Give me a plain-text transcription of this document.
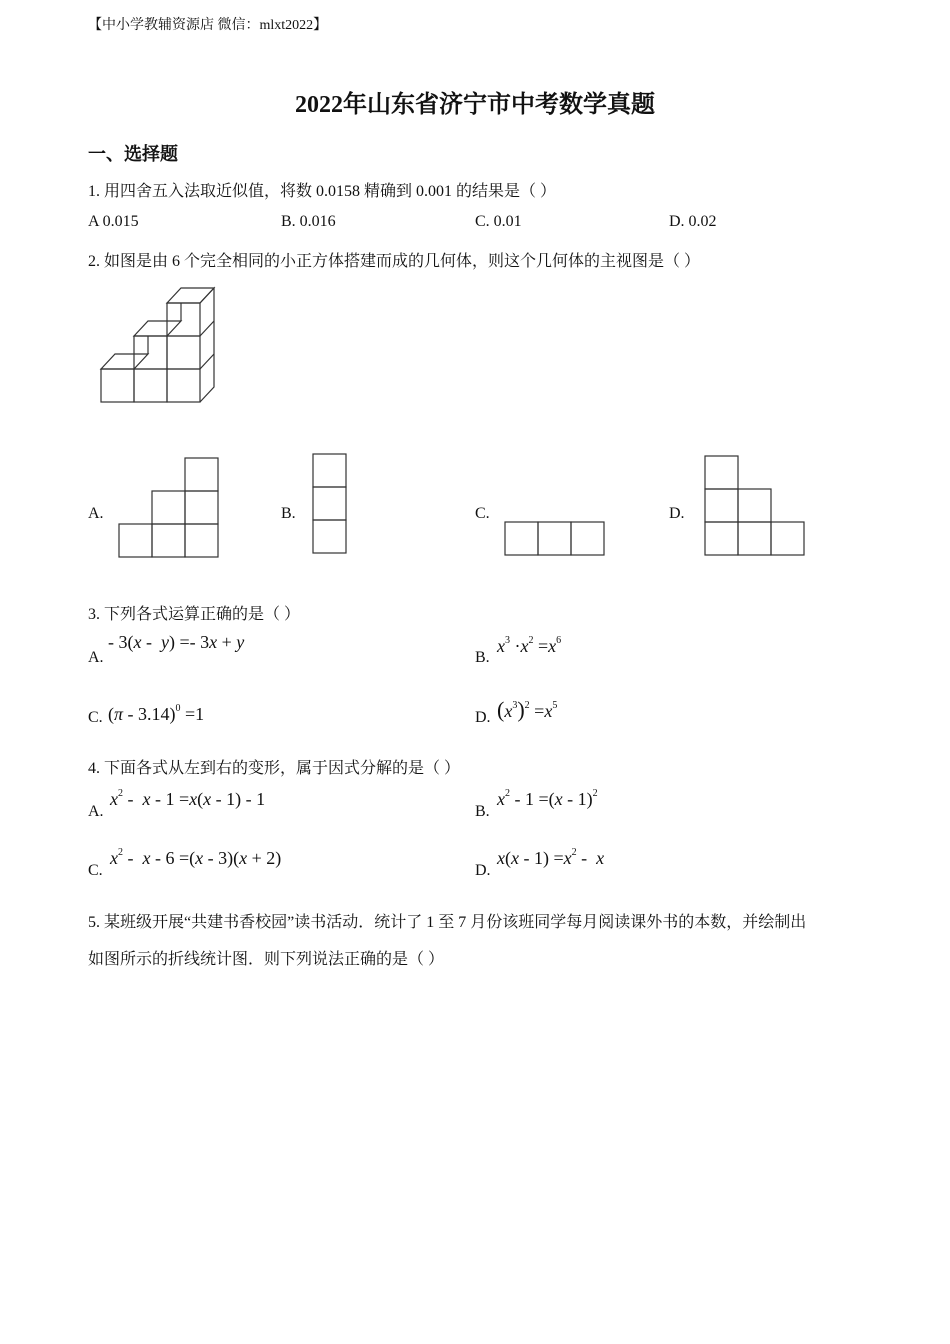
【中小学教辅资源店 微信：mlxt2022】
2022年山东省济宁市中考数学真题
一、选择题
1. 用四舍五入法取近似值，将数 0.0158 精确到 0.001 的结果是（ ）
A 0.015	B. 0.016	C. 0.01	D. 0.02
2. 如图是由 6 个完全相同的小正方体搭建而成的几何体，则这个几何体的主视图是（ ）
A.	B.	C.	D.
3. 下列各式运算正确的是（ ）
A.
- 3(x -  y) =- 3x + y
B.
$x^3 \cdot x^2 =x^6$
C. (π - 3.14)$^0$ =1	D. $(x^3)^2 =x^5$
4. 下面各式从左到右的变形，属于因式分解的是（ ）
A.
$x^2 - x - 1 =x(x - 1) - 1$
B.
$x^2 - 1 =(x - 1)^2$
C.
$x^2 - x - 6 =(x - 3)(x + 2)$
D.
$x(x - 1) =x^2 - x$
5. 某班级开展“共建书香校园”读书活动．统计了 1 至 7 月份该班同学每月阅读课外书的本数，并绘制出
如图所示的折线统计图．则下列说法正确的是（ ）
